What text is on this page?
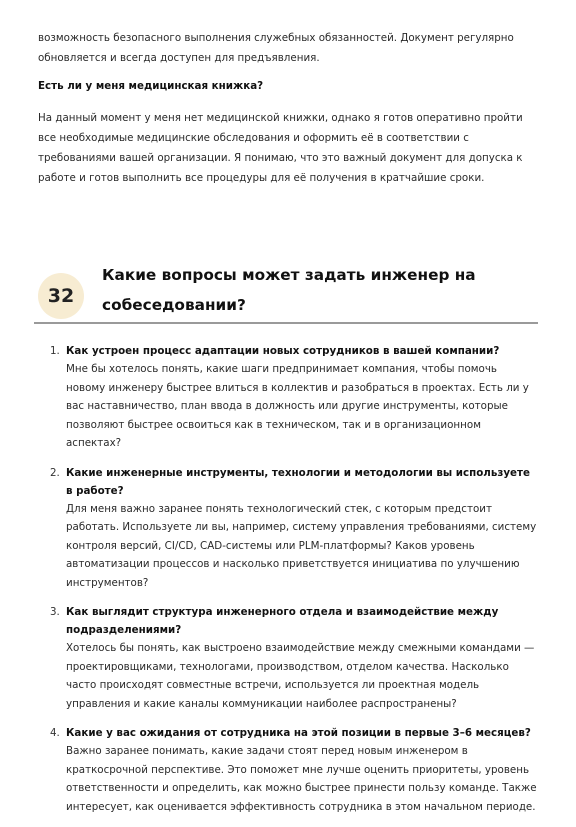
возможность безопасного выполнения служебных обязанностей. Документ регулярно обновляется и всегда доступен для предъявления.

Есть ли у меня медицинская книжка?

На данный момент у меня нет медицинской книжки, однако я готов оперативно пройти все необходимые медицинские обследования и оформить её в соответствии с требованиями вашей организации. Я понимаю, что это важный документ для допуска к работе и готов выполнить все процедуры для её получения в кратчайшие сроки.

32
Какие вопросы может задать инженер на собеседовании?
1. Как устроен процесс адаптации новых сотрудников в вашей компании?
Мне бы хотелось понять, какие шаги предпринимает компания, чтобы помочь новому инженеру быстрее влиться в коллектив и разобраться в проектах. Есть ли у вас наставничество, план ввода в должность или другие инструменты, которые позволяют быстрее освоиться как в техническом, так и в организационном аспектах?
2. Какие инженерные инструменты, технологии и методологии вы используете в работе?
Для меня важно заранее понять технологический стек, с которым предстоит работать. Используете ли вы, например, систему управления требованиями, систему контроля версий, CI/CD, CAD-системы или PLM-платформы? Каков уровень автоматизации процессов и насколько приветствуется инициатива по улучшению инструментов?
3. Как выглядит структура инженерного отдела и взаимодействие между подразделениями?
Хотелось бы понять, как выстроено взаимодействие между смежными командами — проектировщиками, технологами, производством, отделом качества. Насколько часто происходят совместные встречи, используется ли проектная модель управления и какие каналы коммуникации наиболее распространены?
4. Какие у вас ожидания от сотрудника на этой позиции в первые 3–6 месяцев?
Важно заранее понимать, какие задачи стоят перед новым инженером в краткосрочной перспективе. Это поможет мне лучше оценить приоритеты, уровень ответственности и определить, как можно быстрее принести пользу команде. Также интересует, как оценивается эффективность сотрудника в этом начальном периоде.
